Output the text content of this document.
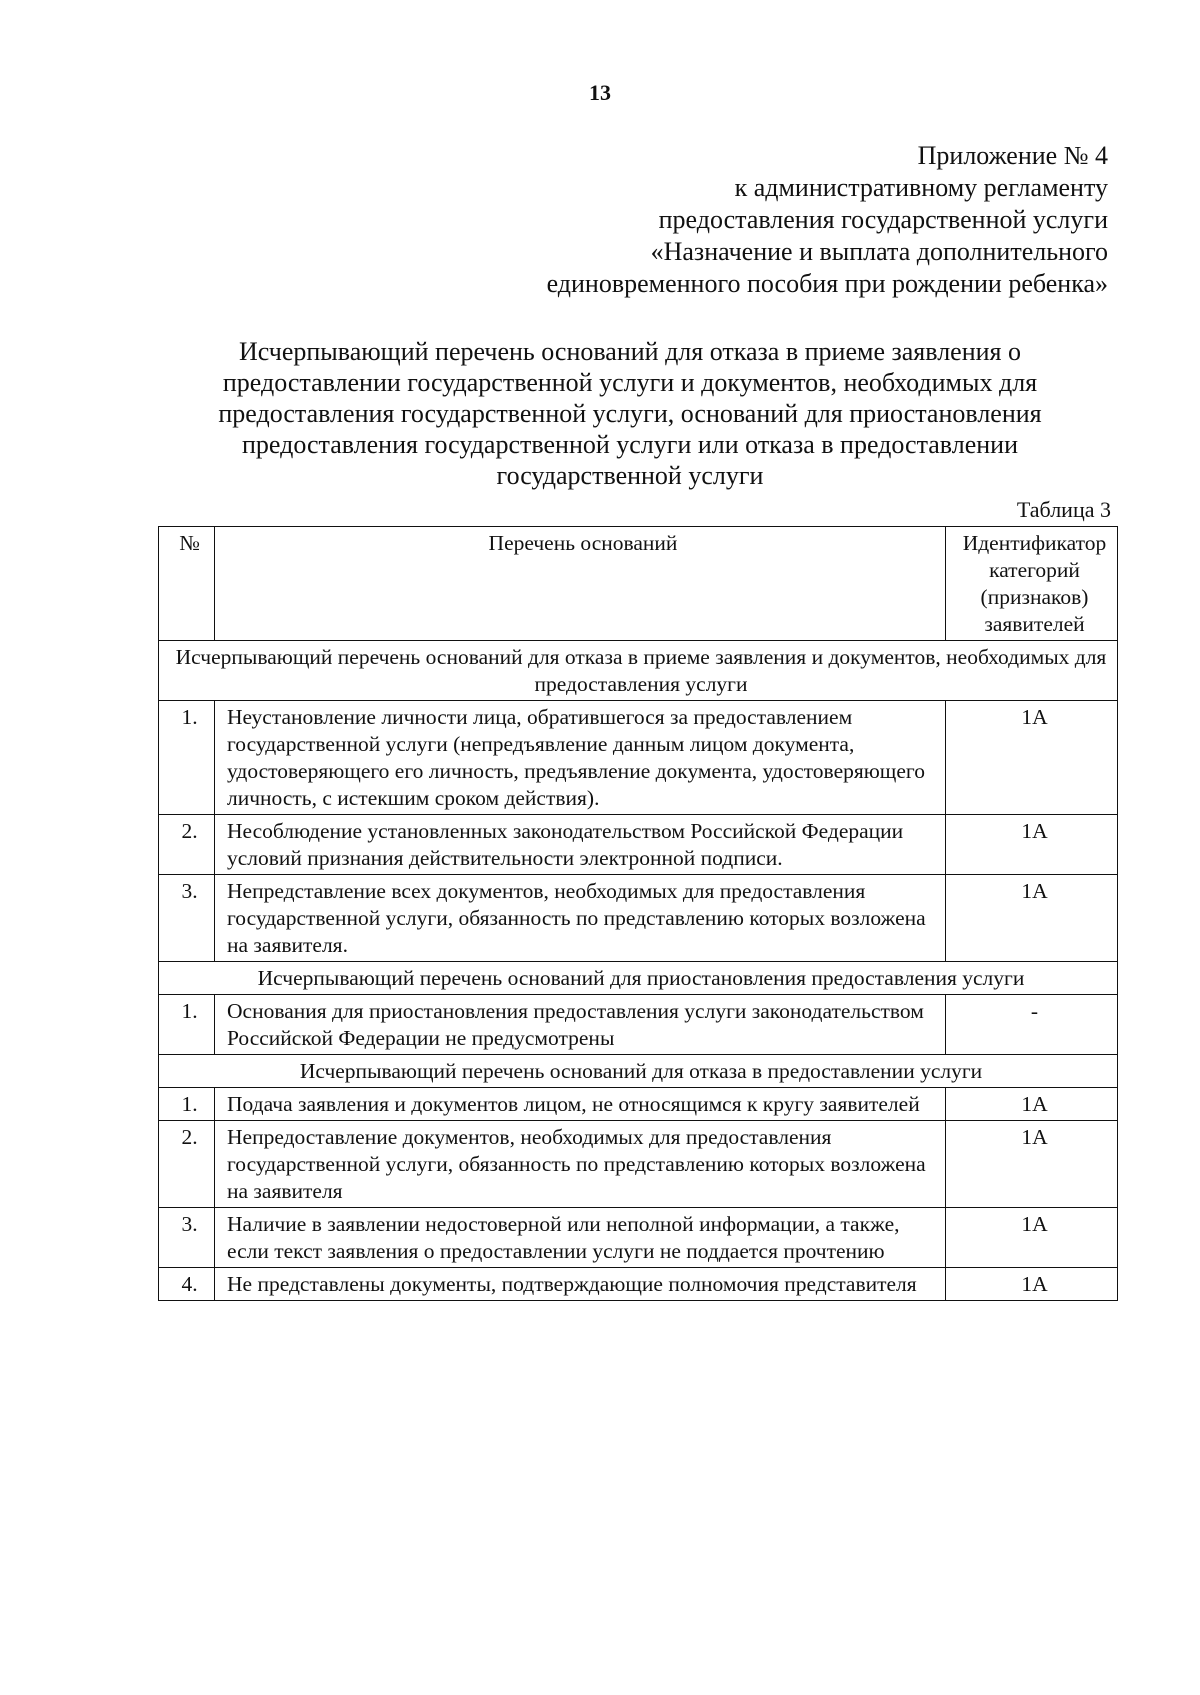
13
Приложение № 4
к административному регламенту
предоставления государственной услуги
«Назначение и выплата дополнительного
единовременного пособия при рождении ребенка»
Исчерпывающий перечень оснований для отказа в приеме заявления о
предоставлении государственной услуги и документов, необходимых для
предоставления государственной услуги, оснований для приостановления
предоставления государственной услуги или отказа в предоставлении
государственной услуги
Таблица 3
№	Перечень оснований	Идентификатор категорий (признаков) заявителей
Исчерпывающий перечень оснований для отказа в приеме заявления и документов, необходимых для предоставления услуги		
1.	Неустановление личности лица, обратившегося за предоставлением государственной услуги (непредъявление данным лицом документа, удостоверяющего его личность, предъявление документа, удостоверяющего личность, с истекшим сроком действия).	1А
2.	Несоблюдение установленных законодательством Российской Федерации условий признания действительности электронной подписи.	1А
3.	Непредставление всех документов, необходимых для предоставления государственной услуги, обязанность по представлению которых возложена на заявителя.	1А
Исчерпывающий перечень оснований для приостановления предоставления услуги		
1.	Основания для приостановления предоставления услуги законодательством Российской Федерации не предусмотрены	-
Исчерпывающий перечень оснований для отказа в предоставлении услуги		
1.	Подача заявления и документов лицом, не относящимся к кругу заявителей	1А
2.	Непредоставление документов, необходимых для предоставления государственной услуги, обязанность по представлению которых возложена на заявителя	1А
3.	Наличие в заявлении недостоверной или неполной информации, а также, если текст заявления о предоставлении услуги не поддается прочтению	1А
4.	Не представлены документы, подтверждающие полномочия представителя	1А
